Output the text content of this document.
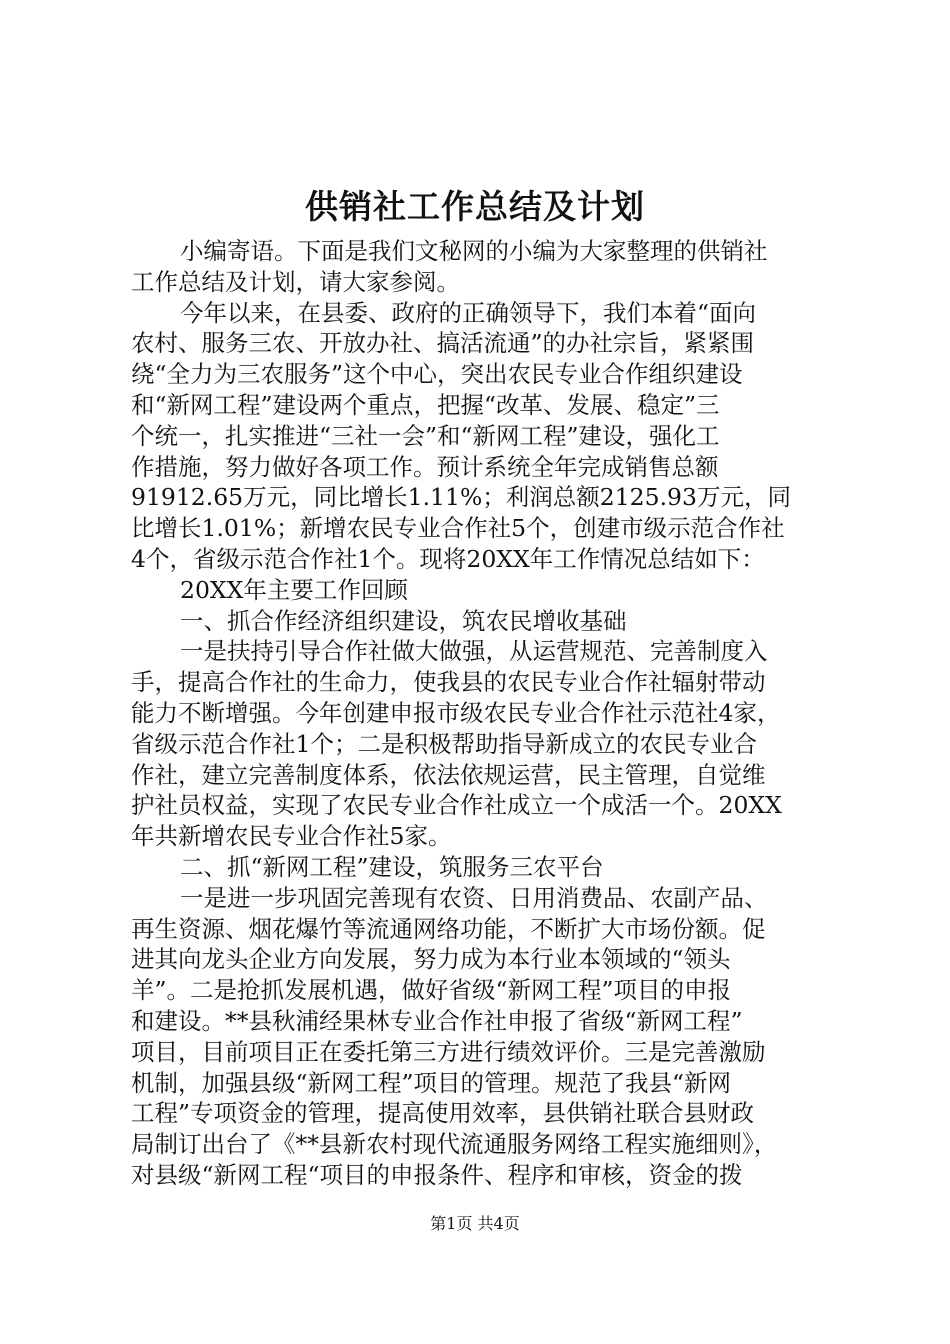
供销社工作总结及计划
小编寄语。下面是我们文秘网的小编为大家整理的供销社
工作总结及计划，请大家参阅。
今年以来，在县委、政府的正确领导下，我们本着“面向
农村、服务三农、开放办社、搞活流通”的办社宗旨，紧紧围
绕“全力为三农服务”这个中心，突出农民专业合作组织建设
和“新网工程”建设两个重点，把握“改革、发展、稳定”三
个统一，扎实推进“三社一会”和“新网工程”建设，强化工
作措施，努力做好各项工作。预计系统全年完成销售总额
91912.65万元，同比增长1.11%；利润总额2125.93万元，同
比增长1.01%；新增农民专业合作社5个，创建市级示范合作社
4个，省级示范合作社1个。现将20XX年工作情况总结如下：
20XX年主要工作回顾
一、抓合作经济组织建设，筑农民增收基础
一是扶持引导合作社做大做强，从运营规范、完善制度入
手，提高合作社的生命力，使我县的农民专业合作社辐射带动
能力不断增强。今年创建申报市级农民专业合作社示范社4家，
省级示范合作社1个；二是积极帮助指导新成立的农民专业合
作社，建立完善制度体系，依法依规运营，民主管理，自觉维
护社员权益，实现了农民专业合作社成立一个成活一个。20XX
年共新增农民专业合作社5家。
二、抓“新网工程”建设，筑服务三农平台
一是进一步巩固完善现有农资、日用消费品、农副产品、
再生资源、烟花爆竹等流通网络功能，不断扩大市场份额。促
进其向龙头企业方向发展，努力成为本行业本领域的“领头
羊”。二是抢抓发展机遇，做好省级“新网工程”项目的申报
和建设。**县秋浦经果林专业合作社申报了省级“新网工程”
项目，目前项目正在委托第三方进行绩效评价。三是完善激励
机制，加强县级“新网工程”项目的管理。规范了我县“新网
工程”专项资金的管理，提高使用效率，县供销社联合县财政
局制订出台了《**县新农村现代流通服务网络工程实施细则》，
对县级“新网工程“项目的申报条件、程序和审核，资金的拨
第1页 共4页
